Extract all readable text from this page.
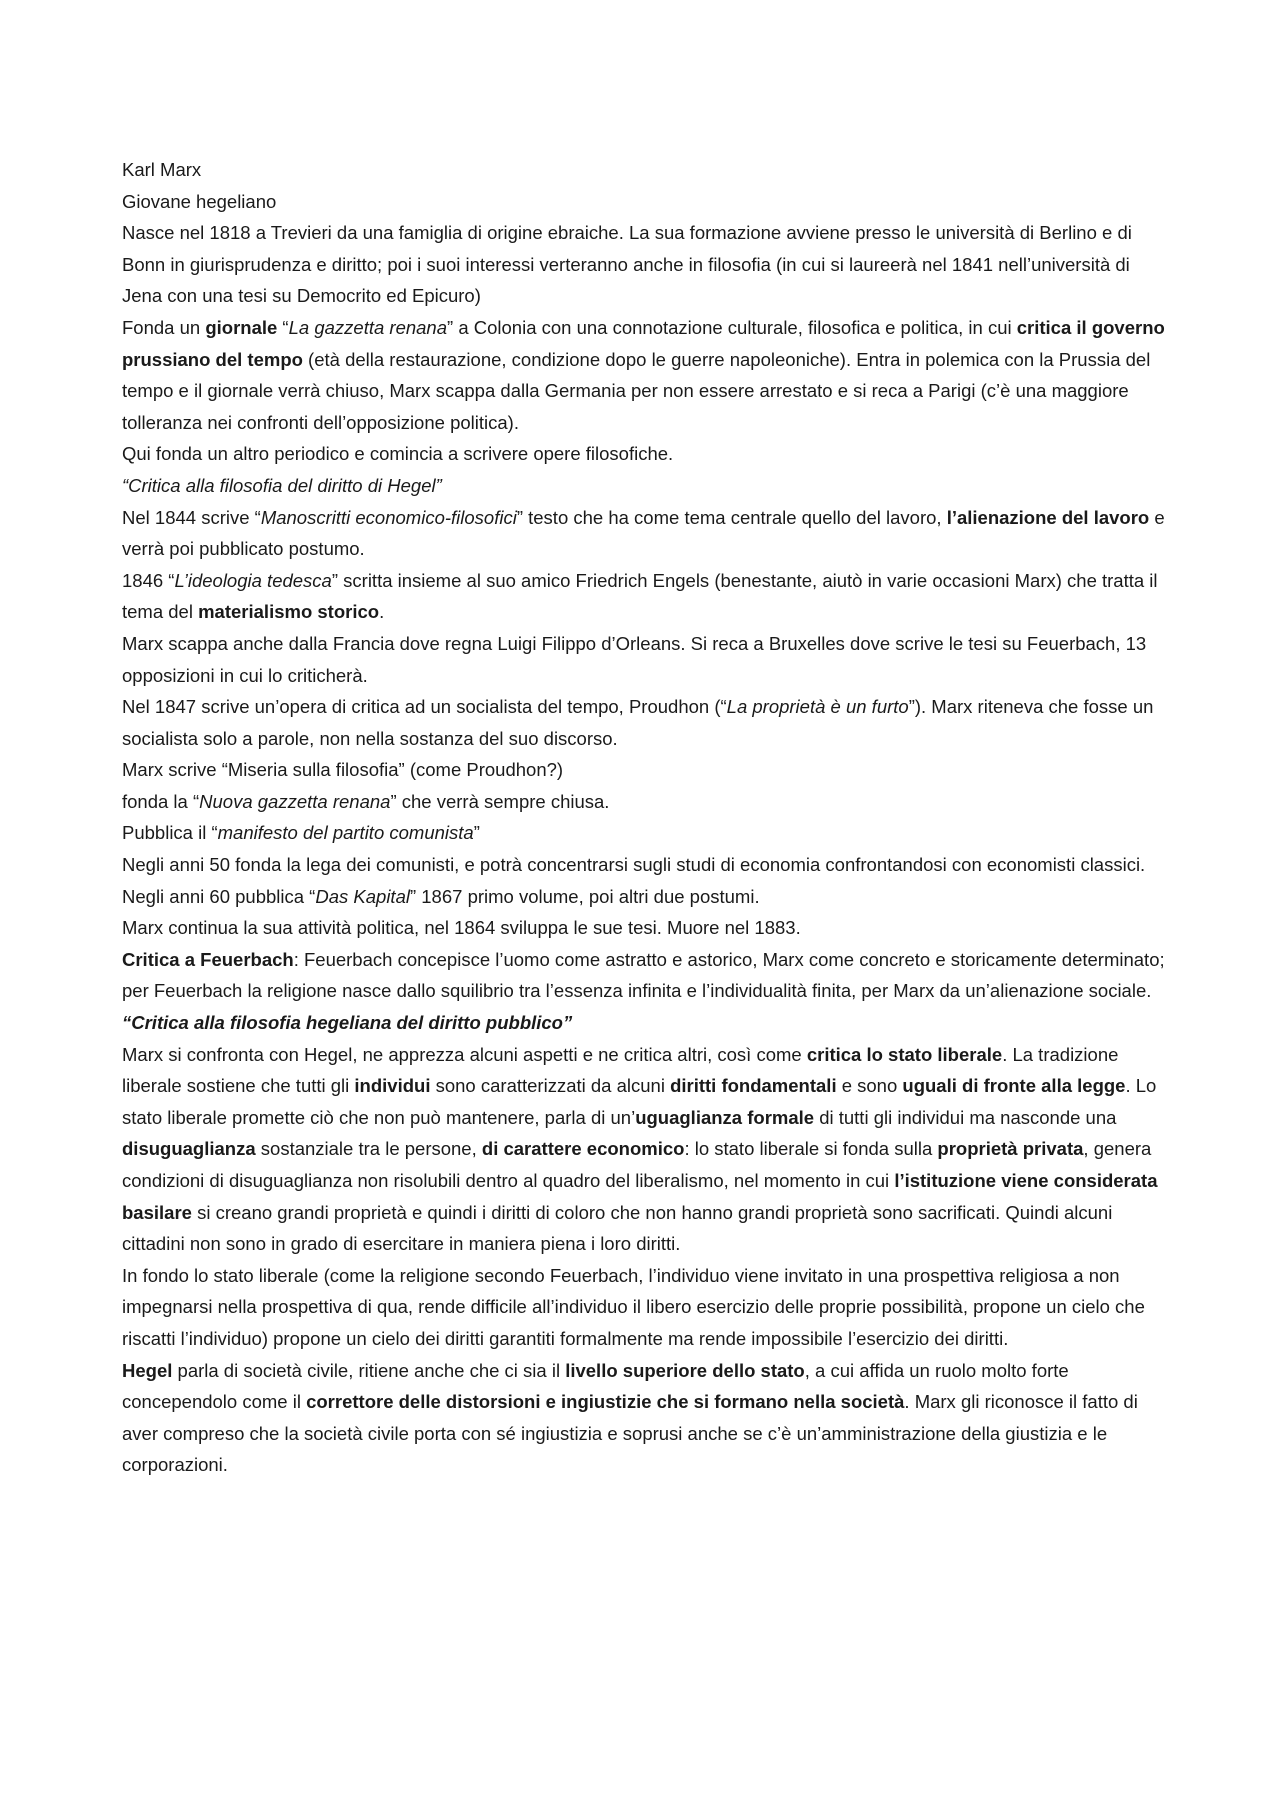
Karl Marx

Giovane hegeliano

Nasce nel 1818 a Trevieri da una famiglia di origine ebraiche. La sua formazione avviene presso le università di Berlino e di Bonn in giurisprudenza e diritto; poi i suoi interessi verteranno anche in filosofia (in cui si laureerà nel 1841 nell’università di Jena con una tesi su Democrito ed Epicuro)

Fonda un giornale “La gazzetta renana” a Colonia con una connotazione culturale, filosofica e politica, in cui critica il governo prussiano del tempo (età della restaurazione, condizione dopo le guerre napoleoniche). Entra in polemica con la Prussia del tempo e il giornale verrà chiuso, Marx scappa dalla Germania per non essere arrestato e si reca a Parigi (c’è una maggiore tolleranza nei confronti dell’opposizione politica).

Qui fonda un altro periodico e comincia a scrivere opere filosofiche.

“Critica alla filosofia del diritto di Hegel”

Nel 1844 scrive “Manoscritti economico-filosofici” testo che ha come tema centrale quello del lavoro, l’alienazione del lavoro e verrà poi pubblicato postumo.

1846 “L’ideologia tedesca” scritta insieme al suo amico Friedrich Engels (benestante, aiutò in varie occasioni Marx) che tratta il tema del materialismo storico.

Marx scappa anche dalla Francia dove regna Luigi Filippo d’Orleans. Si reca a Bruxelles dove scrive le tesi su Feuerbach, 13 opposizioni in cui lo criticherà.

Nel 1847 scrive un’opera di critica ad un socialista del tempo, Proudhon (“La proprietà è un furto”). Marx riteneva che fosse un socialista solo a parole, non nella sostanza del suo discorso.

Marx scrive “Miseria sulla filosofia” (come Proudhon?)

fonda la “Nuova gazzetta renana” che verrà sempre chiusa.

Pubblica il “manifesto del partito comunista”

Negli anni 50 fonda la lega dei comunisti, e potrà concentrarsi sugli studi di economia confrontandosi con economisti classici.

Negli anni 60 pubblica “Das Kapital” 1867 primo volume, poi altri due postumi.

Marx continua la sua attività politica, nel 1864 sviluppa le sue tesi. Muore nel 1883.

Critica a Feuerbach: Feuerbach concepisce l’uomo come astratto e astorico, Marx come concreto e storicamente determinato; per Feuerbach la religione nasce dallo squilibrio tra l’essenza infinita e l’individualità finita, per Marx da un’alienazione sociale.

“Critica alla filosofia hegeliana del diritto pubblico”

Marx si confronta con Hegel, ne apprezza alcuni aspetti e ne critica altri, così come critica lo stato liberale. La tradizione liberale sostiene che tutti gli individui sono caratterizzati da alcuni diritti fondamentali e sono uguali di fronte alla legge. Lo stato liberale promette ciò che non può mantenere, parla di un’uguaglianza formale di tutti gli individui ma nasconde una disuguaglianza sostanziale tra le persone, di carattere economico: lo stato liberale si fonda sulla proprietà privata, genera condizioni di disuguaglianza non risolubili dentro al quadro del liberalismo, nel momento in cui l’istituzione viene considerata basilare si creano grandi proprietà e quindi i diritti di coloro che non hanno grandi proprietà sono sacrificati. Quindi alcuni cittadini non sono in grado di esercitare in maniera piena i loro diritti.

In fondo lo stato liberale (come la religione secondo Feuerbach, l’individuo viene invitato in una prospettiva religiosa a non impegnarsi nella prospettiva di qua, rende difficile all’individuo il libero esercizio delle proprie possibilità, propone un cielo che riscatti l’individuo) propone un cielo dei diritti garantiti formalmente ma rende impossibile l’esercizio dei diritti.

Hegel parla di società civile, ritiene anche che ci sia il livello superiore dello stato, a cui affida un ruolo molto forte concependolo come il correttore delle distorsioni e ingiustizie che si formano nella società. Marx gli riconosce il fatto di aver compreso che la società civile porta con sé ingiustizia e soprusi anche se c’è un’amministrazione della giustizia e le corporazioni.
